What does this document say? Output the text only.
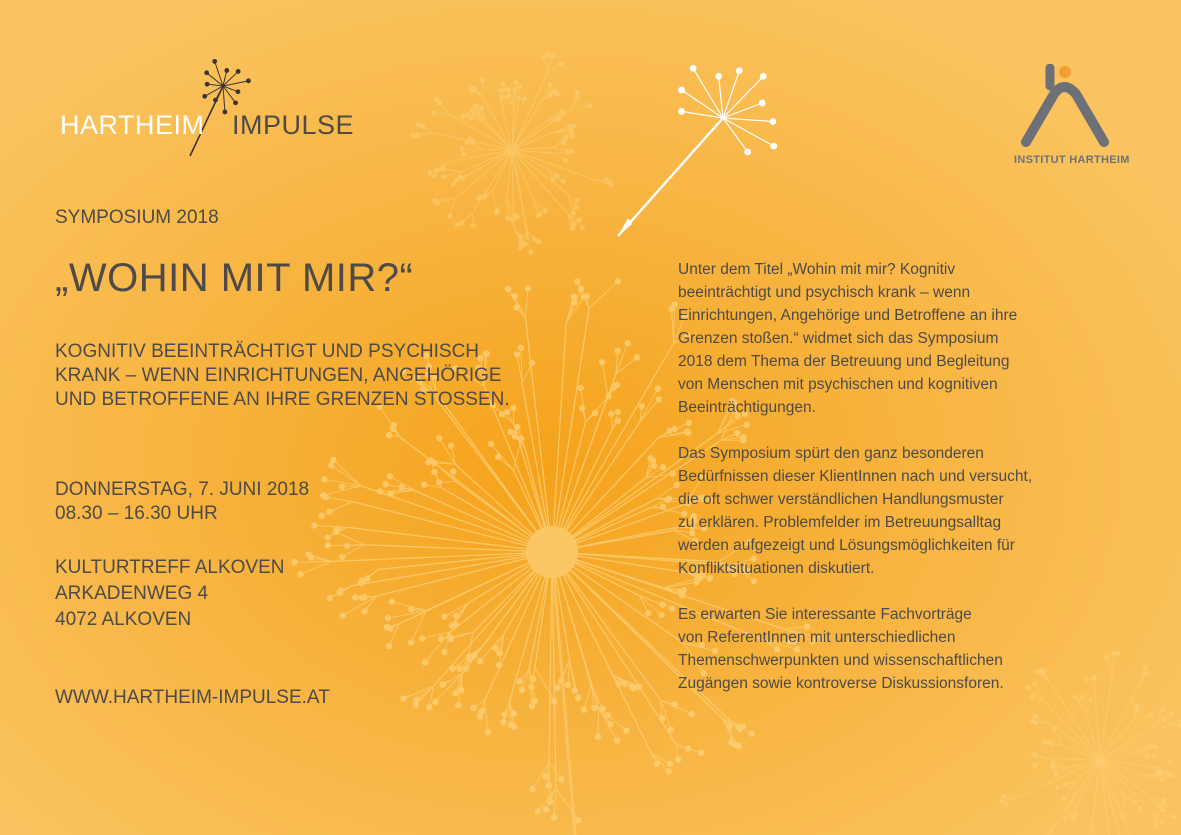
HARTHEIM IMPULSE
INSTITUT HARTHEIM
SYMPOSIUM 2018
„WOHIN MIT MIR?“
KOGNITIV BEEINTRÄCHTIGT UND PSYCHISCH
KRANK – WENN EINRICHTUNGEN, ANGEHÖRIGE
UND BETROFFENE AN IHRE GRENZEN STOSSEN.
DONNERSTAG, 7. JUNI 2018
08.30 – 16.30 UHR
KULTURTREFF ALKOVEN
ARKADENWEG 4
4072 ALKOVEN
WWW.HARTHEIM-IMPULSE.AT

Unter dem Titel „Wohin mit mir? Kognitiv
beeinträchtigt und psychisch krank – wenn
Einrichtungen, Angehörige und Betroffene an ihre
Grenzen stoßen.“ widmet sich das Symposium
2018 dem Thema der Betreuung und Begleitung
von Menschen mit psychischen und kognitiven
Beeinträchtigungen.

Das Symposium spürt den ganz besonderen
Bedürfnissen dieser KlientInnen nach und versucht,
die oft schwer verständlichen Handlungsmuster
zu erklären. Problemfelder im Betreuungsalltag
werden aufgezeigt und Lösungsmöglichkeiten für
Konfliktsituationen diskutiert.

Es erwarten Sie interessante Fachvorträge
von ReferentInnen mit unterschiedlichen
Themenschwerpunkten und wissenschaftlichen
Zugängen sowie kontroverse Diskussionsforen.
